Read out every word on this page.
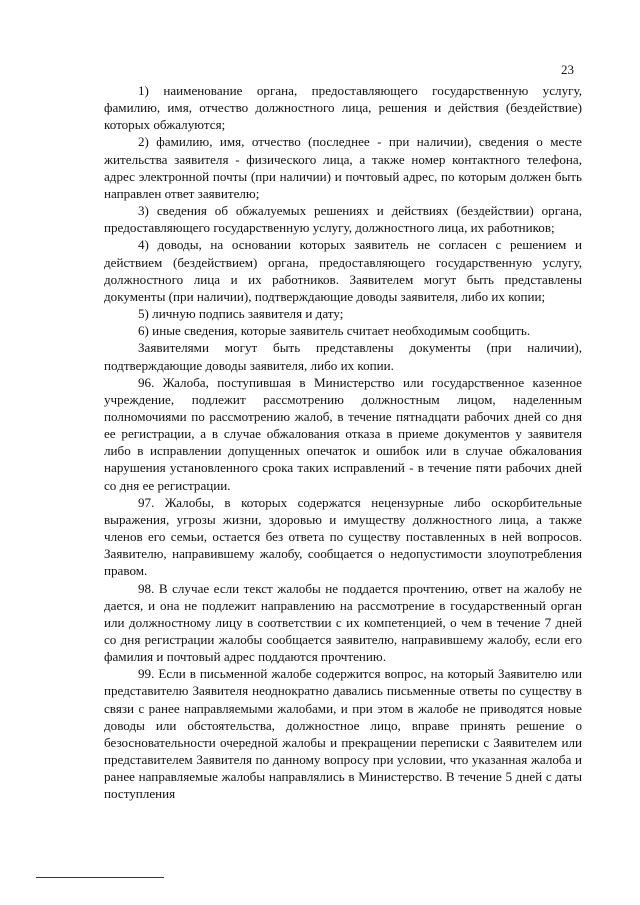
23

1) наименование органа, предоставляющего государственную услугу, фамилию, имя, отчество должностного лица, решения и действия (бездействие) которых обжалуются;

2) фамилию, имя, отчество (последнее - при наличии), сведения о месте жительства заявителя - физического лица, а также номер контактного телефона, адрес электронной почты (при наличии) и почтовый адрес, по которым должен быть направлен ответ заявителю;

3) сведения об обжалуемых решениях и действиях (бездействии) органа, предоставляющего государственную услугу, должностного лица, их работников;

4) доводы, на основании которых заявитель не согласен с решением и действием (бездействием) органа, предоставляющего государственную услугу, должностного лица и их работников. Заявителем могут быть представлены документы (при наличии), подтверждающие доводы заявителя, либо их копии;

5) личную подпись заявителя и дату;

6) иные сведения, которые заявитель считает необходимым сообщить.

Заявителями могут быть представлены документы (при наличии), подтверждающие доводы заявителя, либо их копии.

96. Жалоба, поступившая в Министерство или государственное казенное учреждение, подлежит рассмотрению должностным лицом, наделенным полномочиями по рассмотрению жалоб, в течение пятнадцати рабочих дней со дня ее регистрации, а в случае обжалования отказа в приеме документов у заявителя либо в исправлении допущенных опечаток и ошибок или в случае обжалования нарушения установленного срока таких исправлений - в течение пяти рабочих дней со дня ее регистрации.

97. Жалобы, в которых содержатся нецензурные либо оскорбительные выражения, угрозы жизни, здоровью и имуществу должностного лица, а также членов его семьи, остается без ответа по существу поставленных в ней вопросов. Заявителю, направившему жалобу, сообщается о недопустимости злоупотребления правом.

98. В случае если текст жалобы не поддается прочтению, ответ на жалобу не дается, и она не подлежит направлению на рассмотрение в государственный орган или должностному лицу в соответствии с их компетенцией, о чем в течение 7 дней со дня регистрации жалобы сообщается заявителю, направившему жалобу, если его фамилия и почтовый адрес поддаются прочтению.

99. Если в письменной жалобе содержится вопрос, на который Заявителю или представителю Заявителя неоднократно давались письменные ответы по существу в связи с ранее направляемыми жалобами, и при этом в жалобе не приводятся новые доводы или обстоятельства, должностное лицо, вправе принять решение о безосновательности очередной жалобы и прекращении переписки с Заявителем или представителем Заявителя по данному вопросу при условии, что указанная жалоба и ранее направляемые жалобы направлялись в Министерство. В течение 5 дней с даты поступления
